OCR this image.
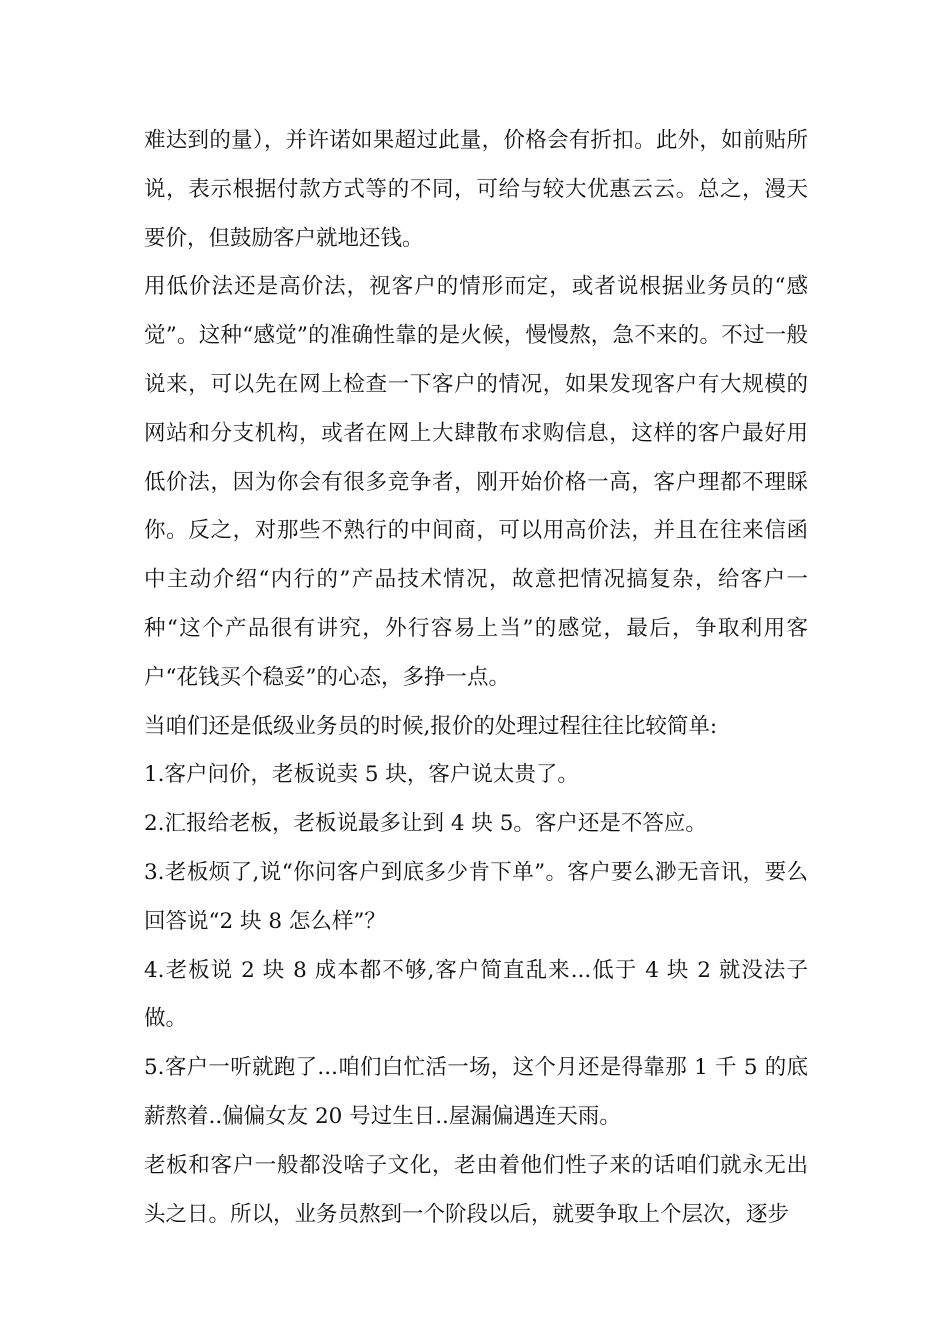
难达到的量），并许诺如果超过此量，价格会有折扣。此外，如前贴所说，表示根据付款方式等的不同，可给与较大优惠云云。总之，漫天要价，但鼓励客户就地还钱。

用低价法还是高价法，视客户的情形而定，或者说根据业务员的“感觉”。这种“感觉”的准确性靠的是火候，慢慢熬，急不来的。不过一般说来，可以先在网上检查一下客户的情况，如果发现客户有大规模的网站和分支机构，或者在网上大肆散布求购信息，这样的客户最好用低价法，因为你会有很多竞争者，刚开始价格一高，客户理都不理睬你。反之，对那些不熟行的中间商，可以用高价法，并且在往来信函中主动介绍“内行的”产品技术情况，故意把情况搞复杂，给客户一种“这个产品很有讲究，外行容易上当”的感觉，最后，争取利用客户“花钱买个稳妥”的心态，多挣一点。

当咱们还是低级业务员的时候,报价的处理过程往往比较简单:

1.客户问价，老板说卖 5 块，客户说太贵了。

2.汇报给老板，老板说最多让到 4 块 5。客户还是不答应。

3.老板烦了,说“你问客户到底多少肯下单”。客户要么渺无音讯，要么回答说“2 块 8 怎么样”？

4.老板说 2 块 8 成本都不够,客户简直乱来...低于 4 块 2 就没法子做。

5.客户一听就跑了...咱们白忙活一场，这个月还是得靠那 1 千 5 的底薪熬着..偏偏女友 20 号过生日..屋漏偏遇连天雨。

老板和客户一般都没啥子文化，老由着他们性子来的话咱们就永无出头之日。所以，业务员熬到一个阶段以后，就要争取上个层次，逐步
